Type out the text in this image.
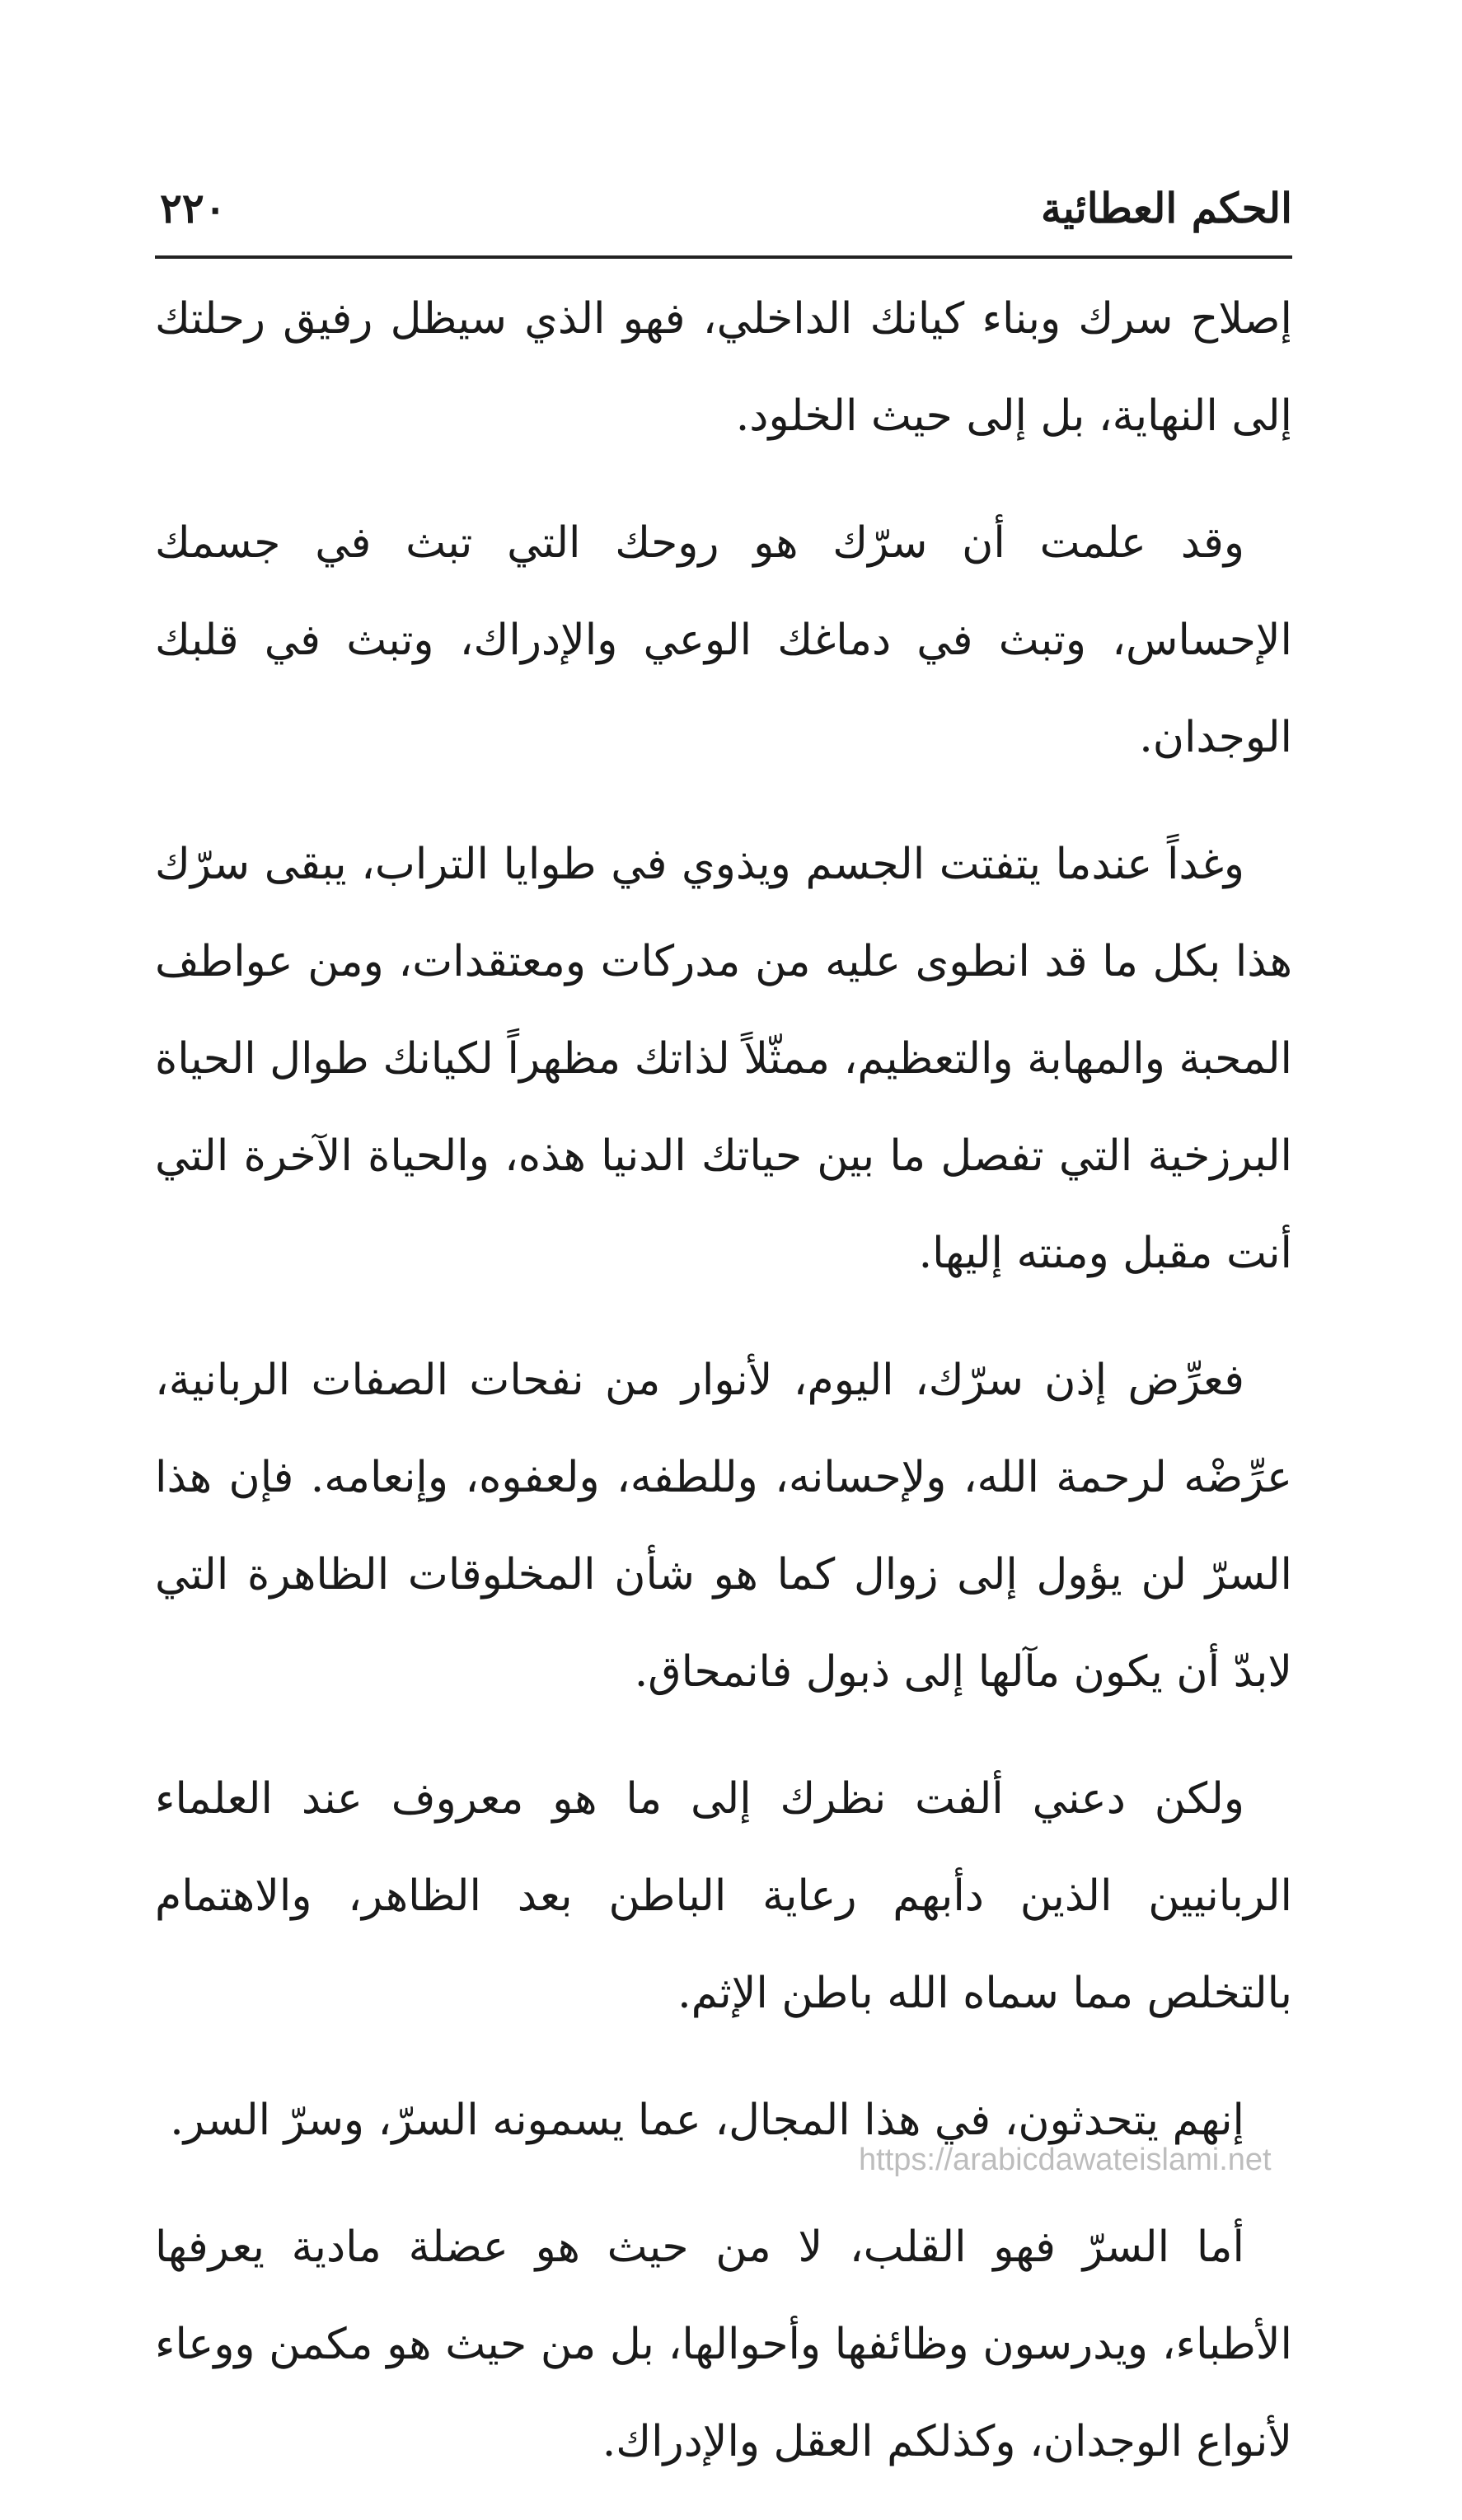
الحكم العطائية
٢٢٠

إصلاح سرك وبناء كيانك الداخلي، فهو الذي سيظل رفيق رحلتك إلى النهاية، بل إلى حيث الخلود.

وقد علمت أن سرّك هو روحك التي تبث في جسمك الإحساس، وتبث في دماغك الوعي والإدراك، وتبث في قلبك الوجدان.

وغداً عندما يتفتت الجسم ويذوي في طوايا التراب، يبقى سرّك هذا بكل ما قد انطوى عليه من مدركات ومعتقدات، ومن عواطف المحبة والمهابة والتعظيم، ممثّلاً لذاتك مظهراً لكيانك طوال الحياة البرزخية التي تفصل ما بين حياتك الدنيا هذه، والحياة الآخرة التي أنت مقبل ومنته إليها.

فعرِّض إذن سرّك، اليوم، لأنوار من نفحات الصفات الربانية، عرِّضْه لرحمة الله، ولإحسانه، وللطفه، ولعفوه، وإنعامه. فإن هذا السرّ لن يؤول إلى زوال كما هو شأن المخلوقات الظاهرة التي لابدّ أن يكون مآلها إلى ذبول فانمحاق.

ولكن دعني ألفت نظرك إلى ما هو معروف عند العلماء الربانيين الذين دأبهم رعاية الباطن بعد الظاهر، والاهتمام بالتخلص مما سماه الله باطن الإثم.

إنهم يتحدثون، في هذا المجال، عما يسمونه السرّ، وسرّ السر.

أما السرّ فهو القلب، لا من حيث هو عضلة مادية يعرفها الأطباء، ويدرسون وظائفها وأحوالها، بل من حيث هو مكمن ووعاء لأنواع الوجدان، وكذلكم العقل والإدراك.

https://arabicdawateislami.net
